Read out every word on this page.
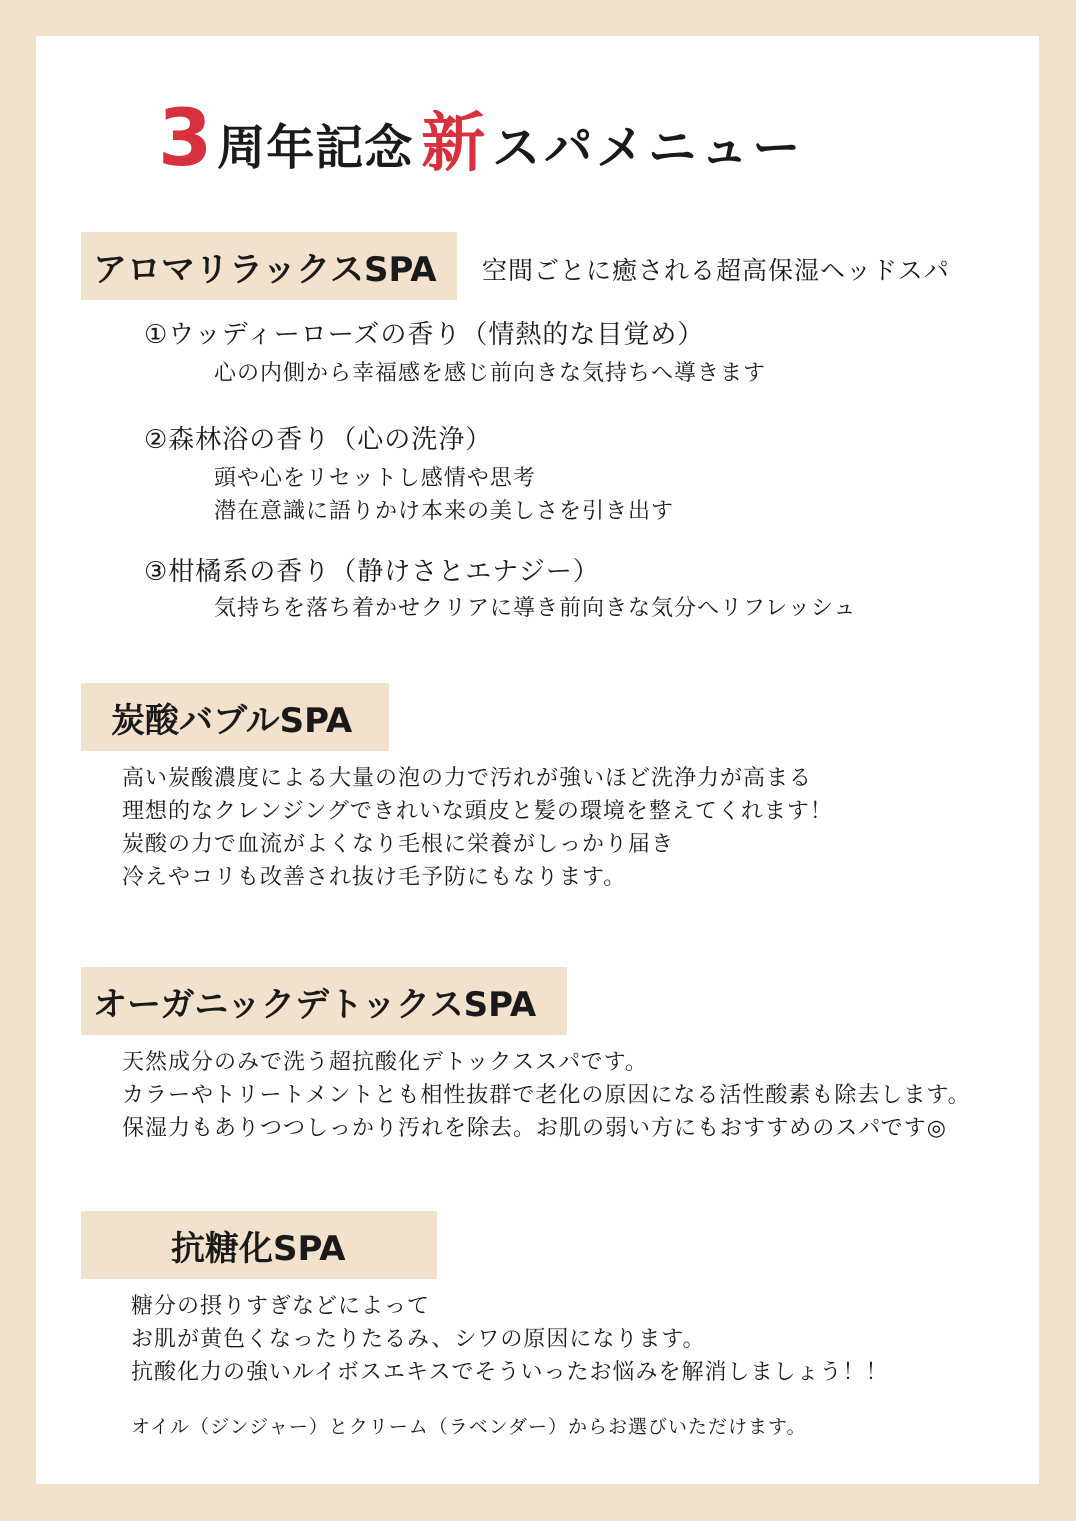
3 周年記念 新 スパメニュー
アロマリラックスSPA 空間ごとに癒される超高保湿ヘッドスパ
①ウッディーローズの香り（情熱的な目覚め）
心の内側から幸福感を感じ前向きな気持ちへ導きます
②森林浴の香り（心の洗浄）
頭や心をリセットし感情や思考
潜在意識に語りかけ本来の美しさを引き出す
③柑橘系の香り（静けさとエナジー）
気持ちを落ち着かせクリアに導き前向きな気分へリフレッシュ
炭酸バブルSPA
高い炭酸濃度による大量の泡の力で汚れが強いほど洗浄力が高まる
理想的なクレンジングできれいな頭皮と髪の環境を整えてくれます！
炭酸の力で血流がよくなり毛根に栄養がしっかり届き
冷えやコリも改善され抜け毛予防にもなります。
オーガニックデトックスSPA
天然成分のみで洗う超抗酸化デトックススパです。
カラーやトリートメントとも相性抜群で老化の原因になる活性酸素も除去します。
保湿力もありつつしっかり汚れを除去。お肌の弱い方にもおすすめのスパです◎
抗糖化SPA
糖分の摂りすぎなどによって
お肌が黄色くなったりたるみ、シワの原因になります。
抗酸化力の強いルイボスエキスでそういったお悩みを解消しましょう！！
オイル（ジンジャー）とクリーム（ラベンダー）からお選びいただけます。
